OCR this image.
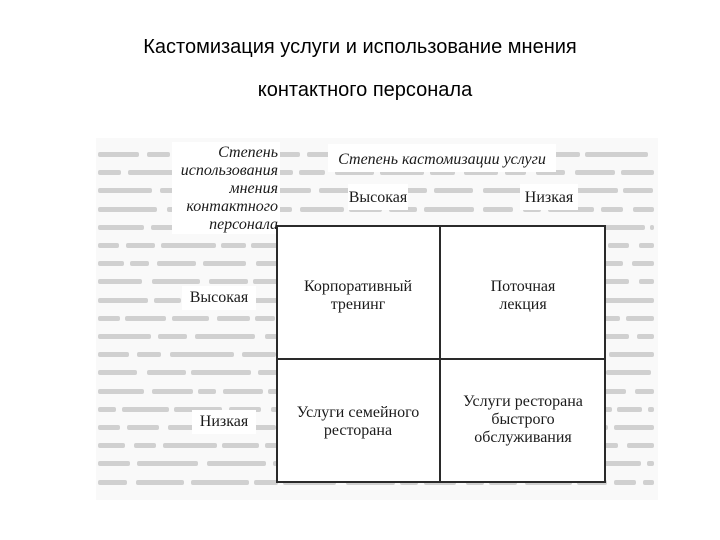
Кастомизация услуги и использование мнения
контактного персонала
Степень
использования
мнения
контактного
персонала
Степень кастомизации услуги
Высокая	Низкая
Высокая
Низкая
Корпоративный
тренинг
Поточная
лекция
Услуги семейного
ресторана
Услуги ресторана
быстрого
обслуживания
